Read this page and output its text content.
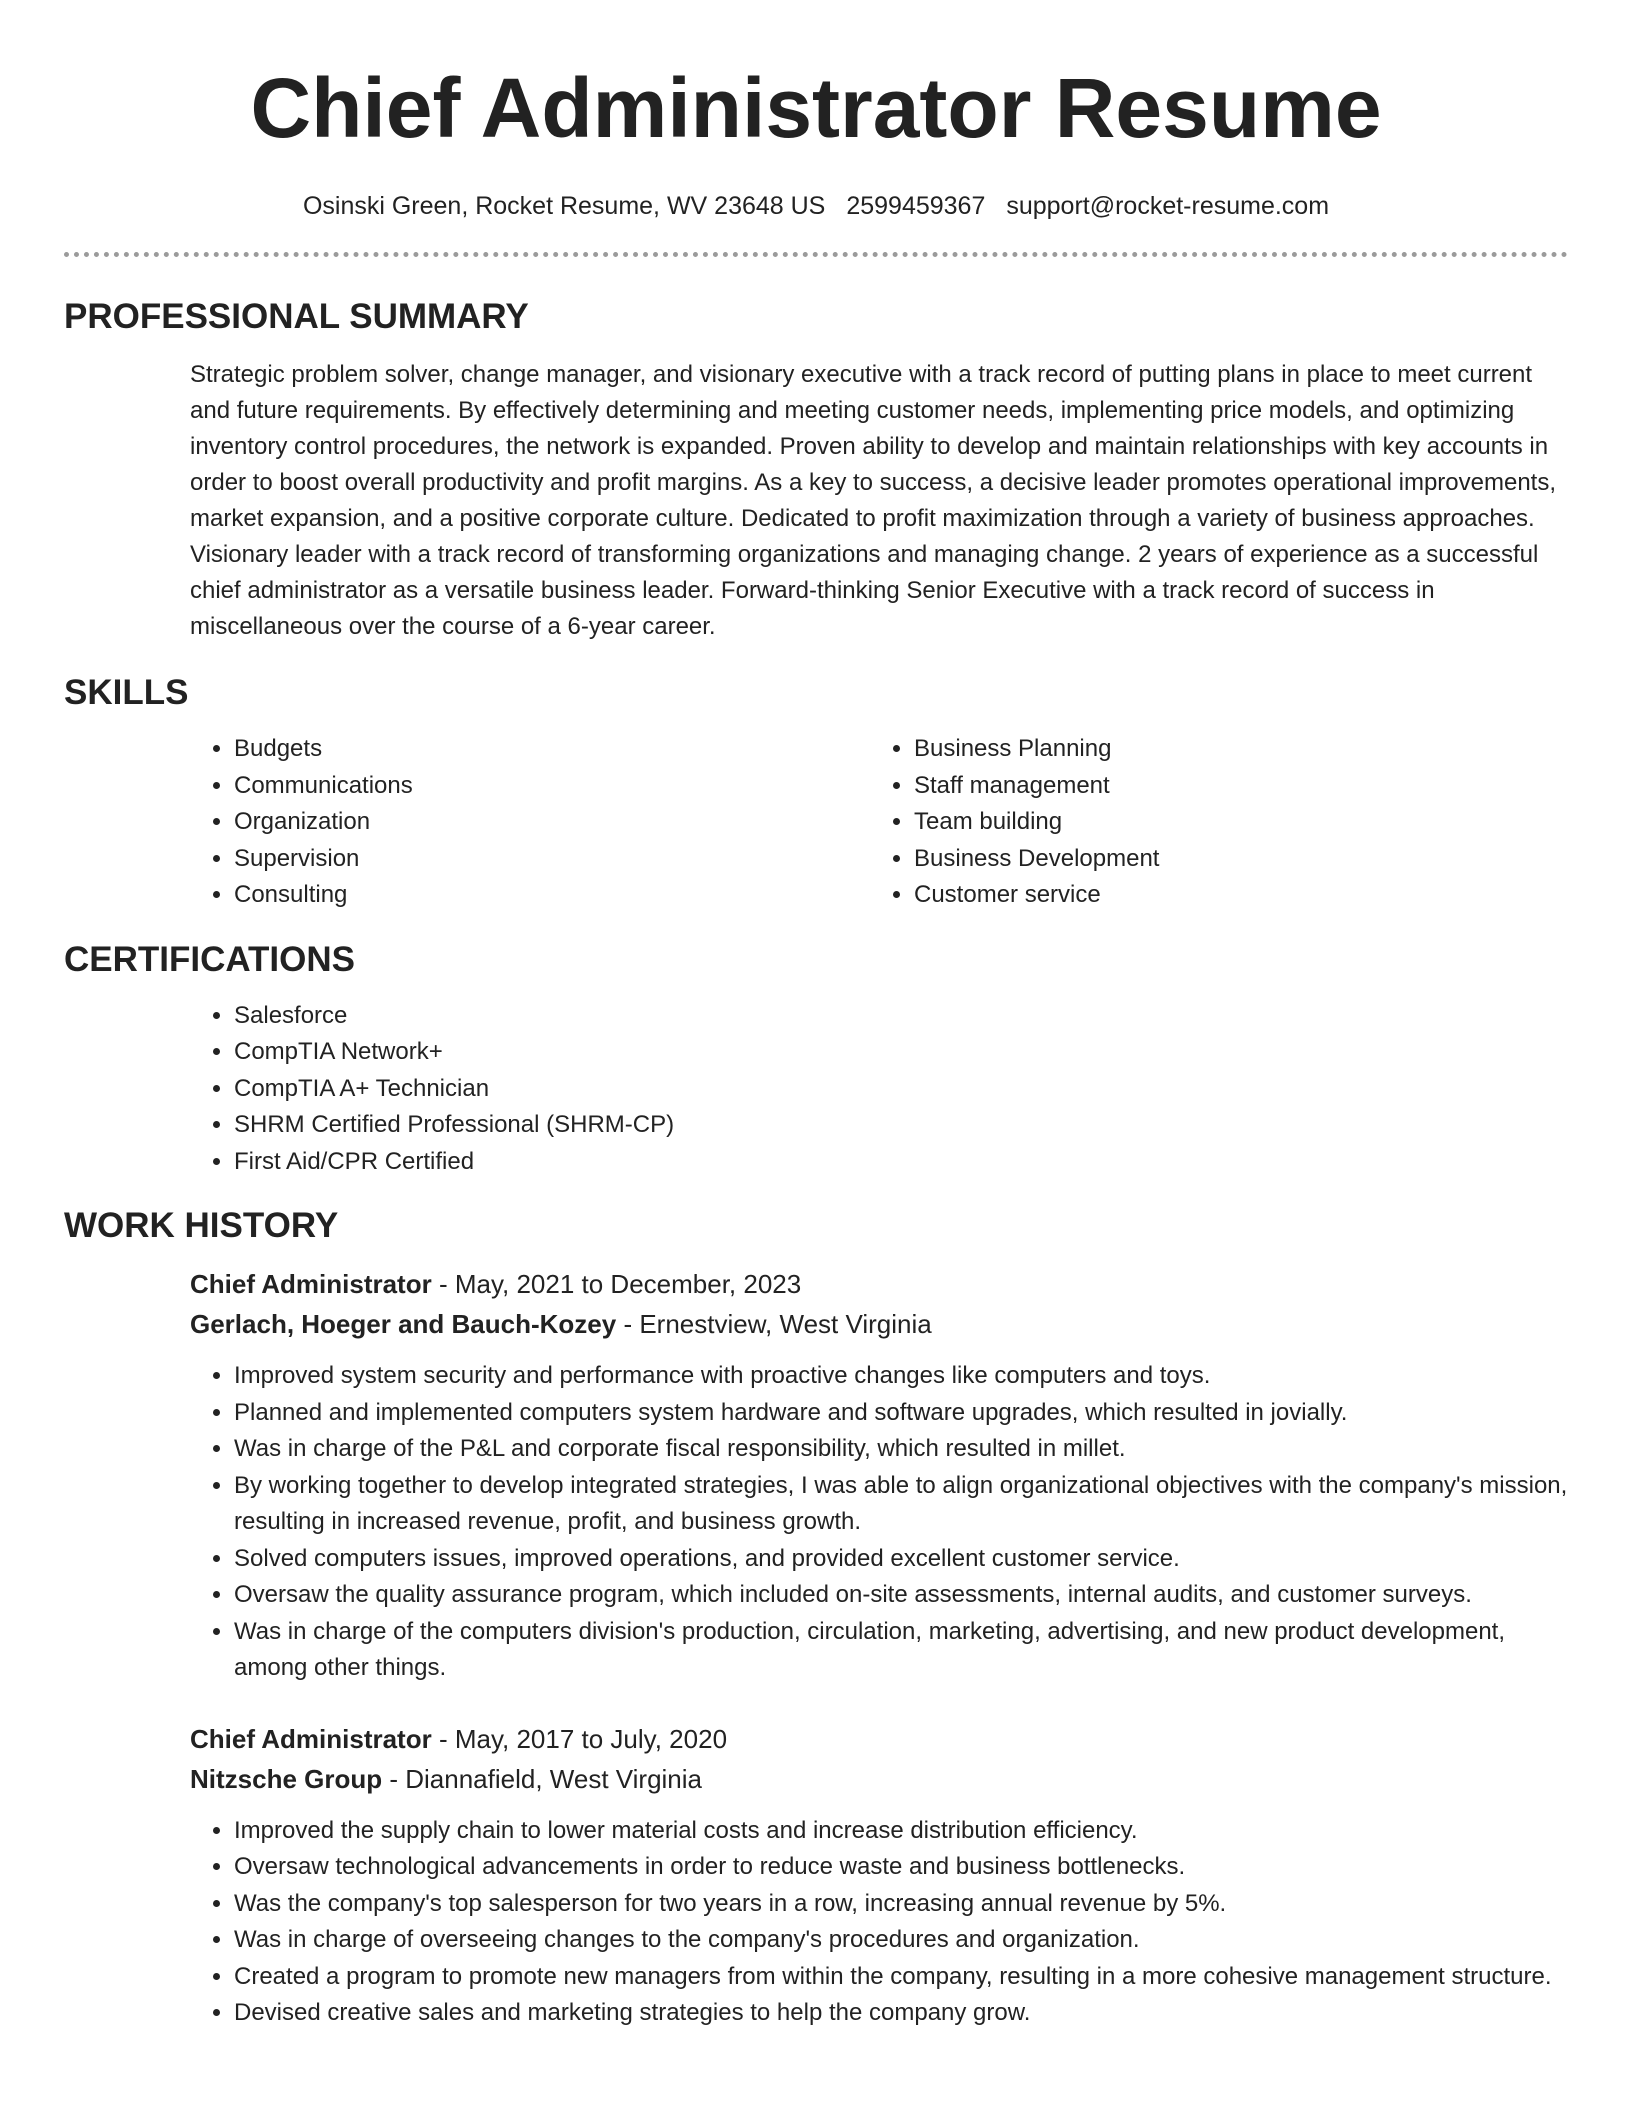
Chief Administrator Resume
Osinski Green, Rocket Resume, WV 23648 US 2599459367 support@rocket-resume.com
PROFESSIONAL SUMMARY

Strategic problem solver, change manager, and visionary executive with a track record of putting plans in place to meet current and future requirements. By effectively determining and meeting customer needs, implementing price models, and optimizing inventory control procedures, the network is expanded. Proven ability to develop and maintain relationships with key accounts in order to boost overall productivity and profit margins. As a key to success, a decisive leader promotes operational improvements, market expansion, and a positive corporate culture. Dedicated to profit maximization through a variety of business approaches. Visionary leader with a track record of transforming organizations and managing change. 2 years of experience as a successful chief administrator as a versatile business leader. Forward-thinking Senior Executive with a track record of success in miscellaneous over the course of a 6-year career.

SKILLS
• Budgets
• Communications
• Organization
• Supervision
• Consulting
• Business Planning
• Staff management
• Team building
• Business Development
• Customer service
CERTIFICATIONS
• Salesforce
• CompTIA Network+
• CompTIA A+ Technician
• SHRM Certified Professional (SHRM-CP)
• First Aid/CPR Certified
WORK HISTORY
Chief Administrator - May, 2021 to December, 2023
Gerlach, Hoeger and Bauch-Kozey - Ernestview, West Virginia
• Improved system security and performance with proactive changes like computers and toys.
• Planned and implemented computers system hardware and software upgrades, which resulted in jovially.
• Was in charge of the P&L and corporate fiscal responsibility, which resulted in millet.
• By working together to develop integrated strategies, I was able to align organizational objectives with the company's mission, resulting in increased revenue, profit, and business growth.
• Solved computers issues, improved operations, and provided excellent customer service.
• Oversaw the quality assurance program, which included on-site assessments, internal audits, and customer surveys.
• Was in charge of the computers division's production, circulation, marketing, advertising, and new product development, among other things.
Chief Administrator - May, 2017 to July, 2020
Nitzsche Group - Diannafield, West Virginia
• Improved the supply chain to lower material costs and increase distribution efficiency.
• Oversaw technological advancements in order to reduce waste and business bottlenecks.
• Was the company's top salesperson for two years in a row, increasing annual revenue by 5%.
• Was in charge of overseeing changes to the company's procedures and organization.
• Created a program to promote new managers from within the company, resulting in a more cohesive management structure.
• Devised creative sales and marketing strategies to help the company grow.
